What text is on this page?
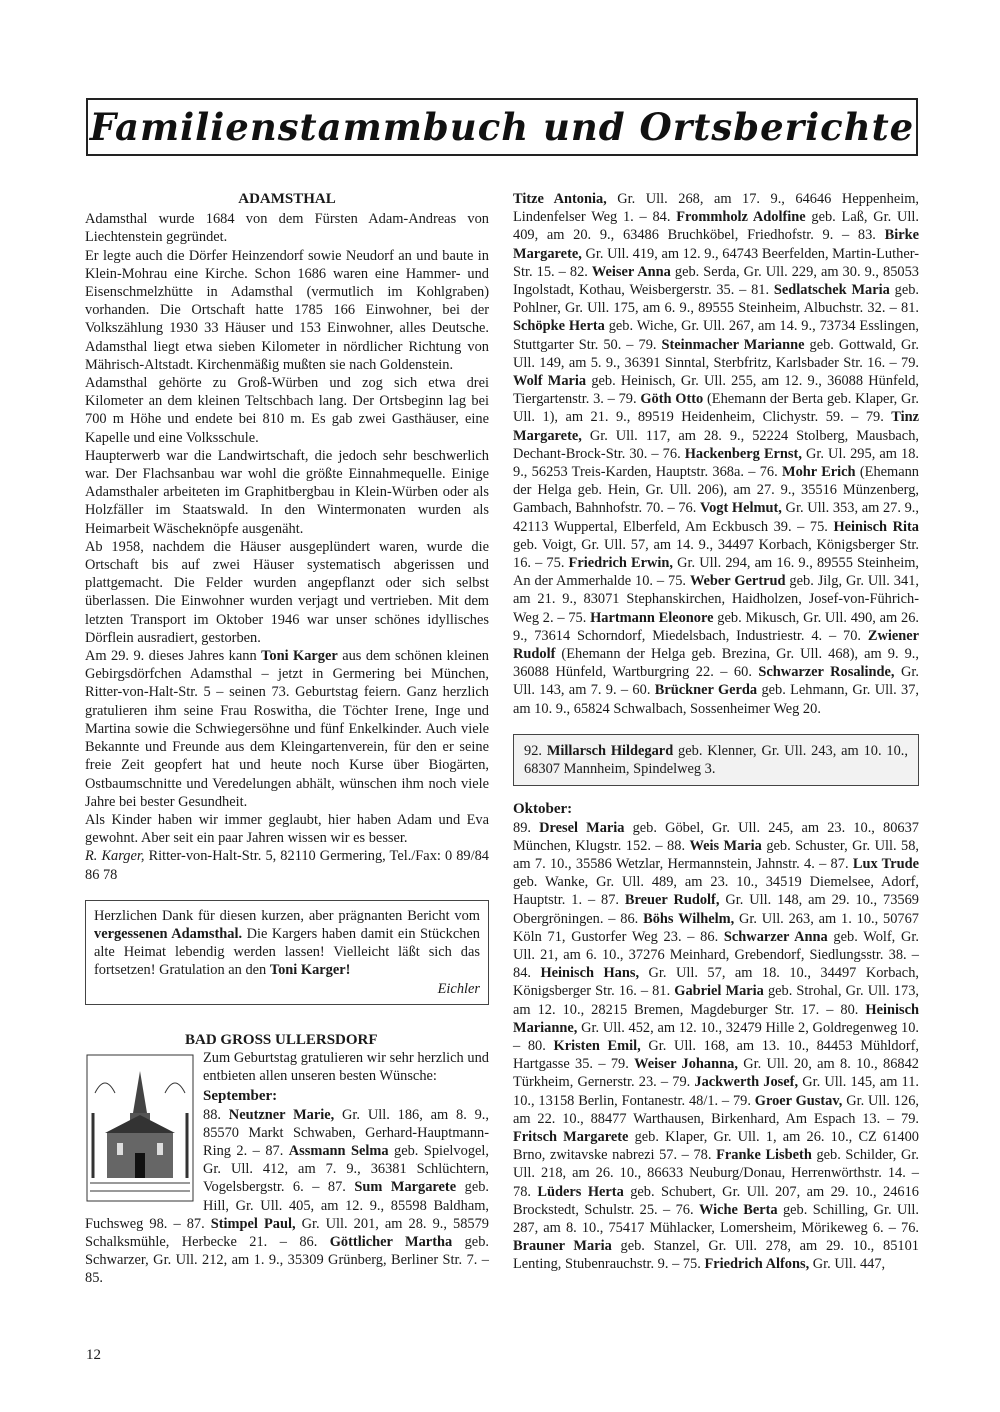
Familienstammbuch und Ortsberichte
ADAMSTHAL

Adamsthal wurde 1684 von dem Fürsten Adam-Andreas von Liechtenstein gegründet.

Er legte auch die Dörfer Heinzendorf sowie Neudorf an und baute in Klein-Mohrau eine Kirche. Schon 1686 waren eine Hammer- und Eisenschmelzhütte in Adamsthal (vermutlich im Kohlgraben) vorhanden. Die Ortschaft hatte 1785 166 Einwohner, bei der Volkszählung 1930 33 Häuser und 153 Einwohner, alles Deutsche. Adamsthal liegt etwa sieben Kilometer in nördlicher Richtung von Mährisch-Altstadt. Kirchenmäßig mußten sie nach Goldenstein.

Adamsthal gehörte zu Groß-Würben und zog sich etwa drei Kilometer an dem kleinen Teltschbach lang. Der Ortsbeginn lag bei 700 m Höhe und endete bei 810 m. Es gab zwei Gasthäuser, eine Kapelle und eine Volksschule.

Haupterwerb war die Landwirtschaft, die jedoch sehr beschwerlich war. Der Flachsanbau war wohl die größte Einnahmequelle. Einige Adamsthaler arbeiteten im Graphitbergbau in Klein-Würben oder als Holzfäller im Staatswald. In den Wintermonaten wurden als Heimarbeit Wäscheknöpfe ausgenäht.

Ab 1958, nachdem die Häuser ausgeplündert waren, wurde die Ortschaft bis auf zwei Häuser systematisch abgerissen und plattgemacht. Die Felder wurden angepflanzt oder sich selbst überlassen. Die Einwohner wurden verjagt und vertrieben. Mit dem letzten Transport im Oktober 1946 war unser schönes idyllisches Dörflein ausradiert, gestorben.

Am 29. 9. dieses Jahres kann Toni Karger aus dem schönen kleinen Gebirgsdörfchen Adamsthal – jetzt in Germering bei München, Ritter-von-Halt-Str. 5 – seinen 73. Geburtstag feiern. Ganz herzlich gratulieren ihm seine Frau Roswitha, die Töchter Irene, Inge und Martina sowie die Schwiegersöhne und fünf Enkelkinder. Auch viele Bekannte und Freunde aus dem Kleingartenverein, für den er seine freie Zeit geopfert hat und heute noch Kurse über Biogärten, Ostbaumschnitte und Veredelungen abhält, wünschen ihm noch viele Jahre bei bester Gesundheit.

Als Kinder haben wir immer geglaubt, hier haben Adam und Eva gewohnt. Aber seit ein paar Jahren wissen wir es besser.

R. Karger, Ritter-von-Halt-Str. 5, 82110 Germering, Tel./Fax: 0 89/84 86 78

Herzlichen Dank für diesen kurzen, aber prägnanten Bericht vom vergessenen Adamsthal. Die Kargers haben damit ein Stückchen alte Heimat lebendig werden lassen! Vielleicht läßt sich das fortsetzen! Gratulation an den Toni Karger!
Eichler
BAD GROSS ULLERSDORF

Zum Geburtstag gratulieren wir sehr herzlich und entbieten allen unseren besten Wünsche:

September:

88. Neutzner Marie, Gr. Ull. 186, am 8. 9., 85570 Markt Schwaben, Gerhard-Hauptmann-Ring 2. – 87. Assmann Selma geb. Spielvogel, Gr. Ull. 412, am 7. 9., 36381 Schlüchtern, Vogelsbergstr. 6. – 87. Sum Margarete geb. Hill, Gr. Ull. 405, am 12. 9., 85598 Baldham, Fuchsweg 98. – 87. Stimpel Paul, Gr. Ull. 201, am 28. 9., 58579 Schalksmühle, Herbecke 21. – 86. Göttlicher Martha geb. Schwarzer, Gr. Ull. 212, am 1. 9., 35309 Grünberg, Berliner Str. 7. – 85.

Titze Antonia, Gr. Ull. 268, am 17. 9., 64646 Heppenheim, Lindenfelser Weg 1. – 84. Frommholz Adolfine geb. Laß, Gr. Ull. 409, am 20. 9., 63486 Bruchköbel, Friedhofstr. 9. – 83. Birke Margarete, Gr. Ull. 419, am 12. 9., 64743 Beerfelden, Martin-Luther-Str. 15. – 82. Weiser Anna geb. Serda, Gr. Ull. 229, am 30. 9., 85053 Ingolstadt, Kothau, Weisbergerstr. 35. – 81. Sedlatschek Maria geb. Pohlner, Gr. Ull. 175, am 6. 9., 89555 Steinheim, Albuchstr. 32. – 81. Schöpke Herta geb. Wiche, Gr. Ull. 267, am 14. 9., 73734 Esslingen, Stuttgarter Str. 50. – 79. Steinmacher Marianne geb. Gottwald, Gr. Ull. 149, am 5. 9., 36391 Sinntal, Sterbfritz, Karlsbader Str. 16. – 79. Wolf Maria geb. Heinisch, Gr. Ull. 255, am 12. 9., 36088 Hünfeld, Tiergartenstr. 3. – 79. Göth Otto (Ehemann der Berta geb. Klaper, Gr. Ull. 1), am 21. 9., 89519 Heidenheim, Clichystr. 59. – 79. Tinz Margarete, Gr. Ull. 117, am 28. 9., 52224 Stolberg, Mausbach, Dechant-Brock-Str. 30. – 76. Hackenberg Ernst, Gr. Ul. 295, am 18. 9., 56253 Treis-Karden, Hauptstr. 368a. – 76. Mohr Erich (Ehemann der Helga geb. Hein, Gr. Ull. 206), am 27. 9., 35516 Münzenberg, Gambach, Bahnhofstr. 70. – 76. Vogt Helmut, Gr. Ull. 353, am 27. 9., 42113 Wuppertal, Elberfeld, Am Eckbusch 39. – 75. Heinisch Rita geb. Voigt, Gr. Ull. 57, am 14. 9., 34497 Korbach, Königsberger Str. 16. – 75. Friedrich Erwin, Gr. Ull. 294, am 16. 9., 89555 Steinheim, An der Ammerhalde 10. – 75. Weber Gertrud geb. Jilg, Gr. Ull. 341, am 21. 9., 83071 Stephanskirchen, Haidholzen, Josef-von-Führich-Weg 2. – 75. Hartmann Eleonore geb. Mikusch, Gr. Ull. 490, am 26. 9., 73614 Schorndorf, Miedelsbach, Industriestr. 4. – 70. Zwiener Rudolf (Ehemann der Helga geb. Brezina, Gr. Ull. 468), am 9. 9., 36088 Hünfeld, Wartburgring 22. – 60. Schwarzer Rosalinde, Gr. Ull. 143, am 7. 9. – 60. Brückner Gerda geb. Lehmann, Gr. Ull. 37, am 10. 9., 65824 Schwalbach, Sossenheimer Weg 20.

92. Millarsch Hildegard geb. Klenner, Gr. Ull. 243, am 10. 10., 68307 Mannheim, Spindelweg 3.
Oktober:

89. Dresel Maria geb. Göbel, Gr. Ull. 245, am 23. 10., 80637 München, Klugstr. 152. – 88. Weis Maria geb. Schuster, Gr. Ull. 58, am 7. 10., 35586 Wetzlar, Hermannstein, Jahnstr. 4. – 87. Lux Trude geb. Wanke, Gr. Ull. 489, am 23. 10., 34519 Diemelsee, Adorf, Hauptstr. 1. – 87. Breuer Rudolf, Gr. Ull. 148, am 29. 10., 73569 Obergröningen. – 86. Böhs Wilhelm, Gr. Ull. 263, am 1. 10., 50767 Köln 71, Gustorfer Weg 23. – 86. Schwarzer Anna geb. Wolf, Gr. Ull. 21, am 6. 10., 37276 Meinhard, Grebendorf, Siedlungsstr. 38. – 84. Heinisch Hans, Gr. Ull. 57, am 18. 10., 34497 Korbach, Königsberger Str. 16. – 81. Gabriel Maria geb. Strohal, Gr. Ull. 173, am 12. 10., 28215 Bremen, Magdeburger Str. 17. – 80. Heinisch Marianne, Gr. Ull. 452, am 12. 10., 32479 Hille 2, Goldregenweg 10. – 80. Kristen Emil, Gr. Ull. 168, am 13. 10., 84453 Mühldorf, Hartgasse 35. – 79. Weiser Johanna, Gr. Ull. 20, am 8. 10., 86842 Türkheim, Gernerstr. 23. – 79. Jackwerth Josef, Gr. Ull. 145, am 11. 10., 13158 Berlin, Fontanestr. 48/1. – 79. Groer Gustav, Gr. Ull. 126, am 22. 10., 88477 Warthausen, Birkenhard, Am Espach 13. – 79. Fritsch Margarete geb. Klaper, Gr. Ull. 1, am 26. 10., CZ 61400 Brno, zwitavske nabrezi 57. – 78. Franke Lisbeth geb. Schilder, Gr. Ull. 218, am 26. 10., 86633 Neuburg/Donau, Herrenwörthstr. 14. – 78. Lüders Herta geb. Schubert, Gr. Ull. 207, am 29. 10., 24616 Brockstedt, Schulstr. 25. – 76. Wiche Berta geb. Schilling, Gr. Ull. 287, am 8. 10., 75417 Mühlacker, Lomersheim, Mörikeweg 6. – 76. Brauner Maria geb. Stanzel, Gr. Ull. 278, am 29. 10., 85101 Lenting, Stubenrauchstr. 9. – 75. Friedrich Alfons, Gr. Ull. 447,

12
